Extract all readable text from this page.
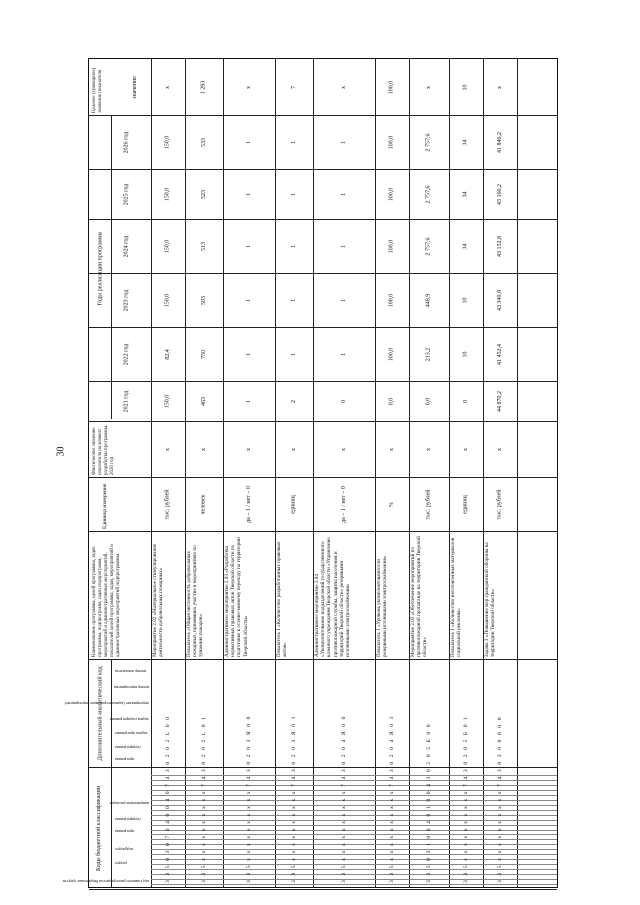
30
Целевое (суммарное) значение показателя	значение
Годы реализации программы
2026 год
2025 год
2024 год
2023 год
2022 год
2021 год
Фактическое значение показателя на момент разработки программы, 2020 год
Единица измерения
Наименование программы, целей программы, задач программы, подпрограмм, задач подпрограмм, мероприятий и административных мероприятий, показателей целей программы, задач, мероприятий и административных мероприятий подпрограммы
Дополнительный аналитический код
Коды бюджетной классификации
код главного распорядителя бюджетных средств
раздел
подраздел
программа
подпрограмма
направление расходов
программа
подпрограмма
задача программы
задача подпрограммы
мероприятие (административное мероприятие)
номер мероприятия
номер показателя
х
150,0
150,0
150,0
150,0
82,4
150,0
х
тыс. рублей
Мероприятие 2.02 «Материальное стимулирование деятельности добровольных пожарных»
3 3 5 0 3 0 7 0 4 0 0 4 0 7 4 3 0 2 0 2 L 0 0
1 283
533
523
513
503
750
463
х
человек
Показатель «Общая численность добровольных пожарных, принявших участие в мероприятиях по тушению пожаров»
3 3 5 x x x x x x x x x x 7 4 3 0 2 0 2 L 0 1
х
1
1
1
1
1
1
х
да – 1 / нет – 0
Административное мероприятие 2.03 «Разработка нормативных правовых актов Тверской области по подготовке к осенне-зимнему переходу на территории Тверской области»
3 3 5 x x x x x x x x x x 7 4 3 0 2 0 3 Я 0 0
7
1
1
1
1
1
2
х
единиц
Показатель 1 «Количество разработанных правовых актов»
3 3 5 x x x x x x x x x x 7 4 3 0 2 0 3 Я 0 1
х
1
1
1
1
1
0
х
да – 1 / нет – 0
Административное мероприятие 2.04 «Укомплектование подразделений государственного казенного учреждения Тверской области «Управление противопожарной службы, защиты населения и территорий Тверской области» резервными источниками электроснабжения»
3 3 5 x x x x x x x x x x 7 4 3 0 2 0 4 Я 0 0
100,0
100,0
100,0
100,0
100,0
100,0
0,0
х
%
Показатель 1 «Уровень укомплектованности резервными источниками электроснабжения»
3 3 5 x x x x x x x x x x 7 4 3 0 2 0 4 Я 0 1
х
2 757,6
2 757,6
2 757,6
448,9
213,2
0,0
х
тыс. рублей
Мероприятие 2.05 «Обеспечение мероприятий по противопожарной пропаганде на территории Тверской области»
3 3 5 0 3 1 0 0 4 0 1 0 0 4 3 0 2 0 5 Б 0 0
10
34
34
34
10
10
0
х
единиц
Показатель 1 «Количество изготовленных материалов социальной рекламы»
3 3 5 x x x x x x x x x x 7 4 3 0 2 0 5 Б 0 1
х
41 846,2
43 166,2
43 152,8
43 340,8
41 452,4
44 870,2
х
тыс. рублей
Задача 3 «Повышение мер гражданской обороны на территории Тверской области»
3 3 5 x x x x x x x x x x 7 4 3 0 3 0 0 0 0 0
